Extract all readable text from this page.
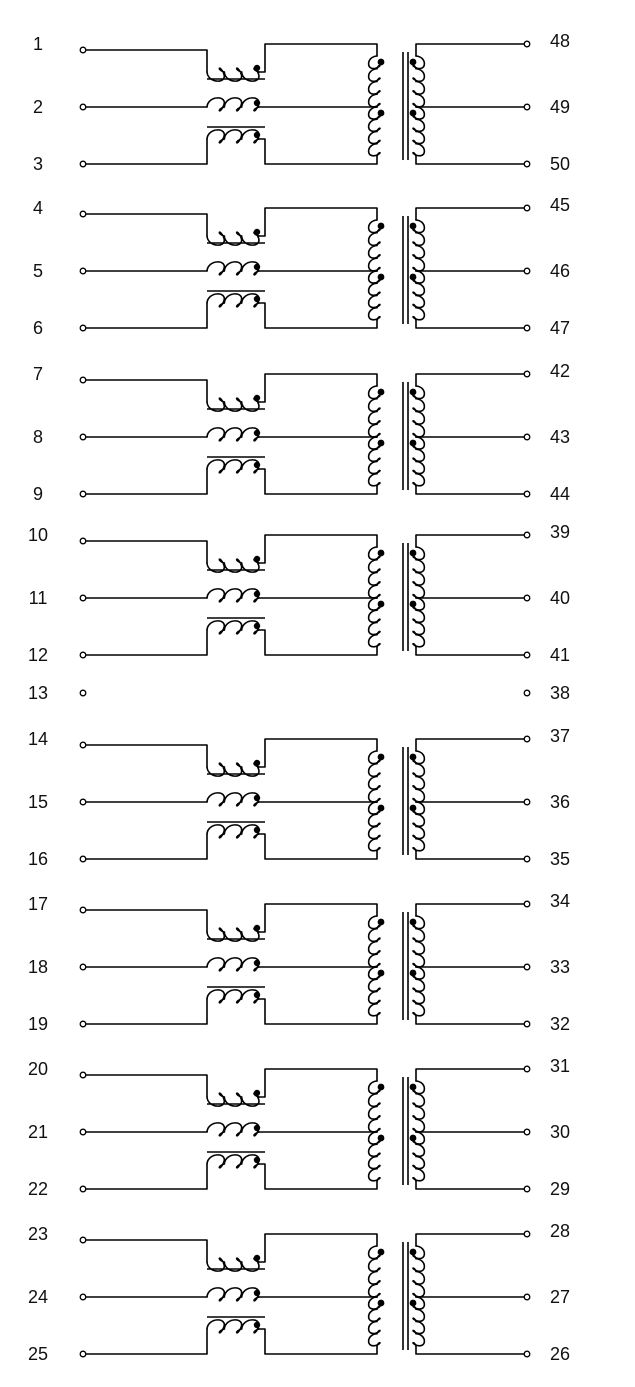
1
2
3
48
49
50
4
5
6
45
46
47
7
8
9
42
43
44
10
11
12
39
40
41
14
15
16
37
36
35
17
18
19
34
33
32
20
21
22
31
30
29
23
24
25
28
27
26
13	38
